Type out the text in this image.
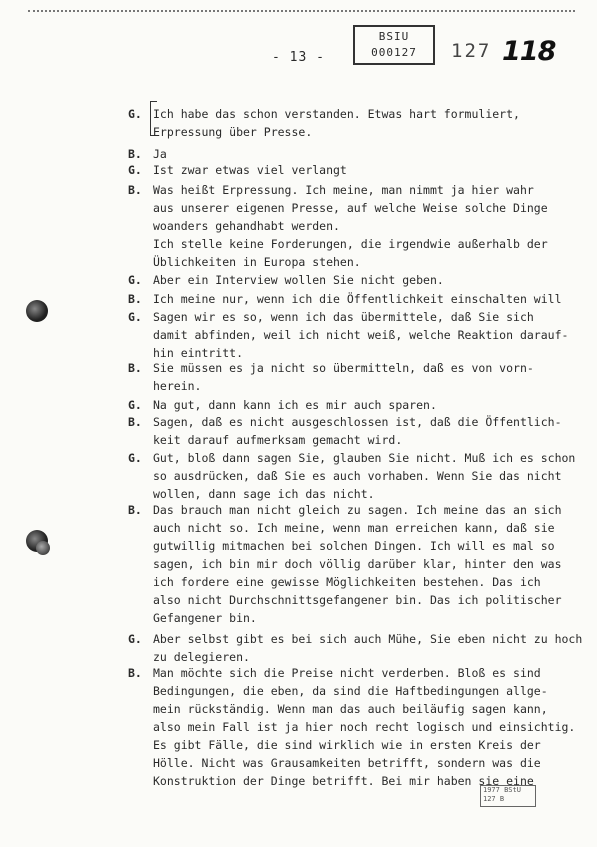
- 13 -
BSIU
000127	127 118
G. Ich habe das schon verstanden. Etwas hart formuliert,
Erpressung über Presse.
B. Ja
G. Ist zwar etwas viel verlangt
B. Was heißt Erpressung. Ich meine, man nimmt ja hier wahr
aus unserer eigenen Presse, auf welche Weise solche Dinge
woanders gehandhabt werden.
Ich stelle keine Forderungen, die irgendwie außerhalb der
Üblichkeiten in Europa stehen.
G. Aber ein Interview wollen Sie nicht geben.
B. Ich meine nur, wenn ich die Öffentlichkeit einschalten will
G. Sagen wir es so, wenn ich das übermittele, daß Sie sich
damit abfinden, weil ich nicht weiß, welche Reaktion darauf-
hin eintritt.
B. Sie müssen es ja nicht so übermitteln, daß es von vorn-
herein.
G. Na gut, dann kann ich es mir auch sparen.
B. Sagen, daß es nicht ausgeschlossen ist, daß die Öffentlich-
keit darauf aufmerksam gemacht wird.
G. Gut, bloß dann sagen Sie, glauben Sie nicht. Muß ich es schon
so ausdrücken, daß Sie es auch vorhaben. Wenn Sie das nicht
wollen, dann sage ich das nicht.
B. Das brauch man nicht gleich zu sagen. Ich meine das an sich
auch nicht so. Ich meine, wenn man erreichen kann, daß sie
gutwillig mitmachen bei solchen Dingen. Ich will es mal so
sagen, ich bin mir doch völlig darüber klar, hinter den was
ich fordere eine gewisse Möglichkeiten bestehen. Das ich
also nicht Durchschnittsgefangener bin. Das ich politischer
Gefangener bin.
G. Aber selbst gibt es bei sich auch Mühe, Sie eben nicht zu hoch
zu delegieren.
B. Man möchte sich die Preise nicht verderben. Bloß es sind
Bedingungen, die eben, da sind die Haftbedingungen allge-
mein rückständig. Wenn man das auch beiläufig sagen kann,
also mein Fall ist ja hier noch recht logisch und einsichtig.
Es gibt Fälle, die sind wirklich wie in ersten Kreis der
Hölle. Nicht was Grausamkeiten betrifft, sondern was die
Konstruktion der Dinge betrifft. Bei mir haben sie eine
1977 BStU
127 B
